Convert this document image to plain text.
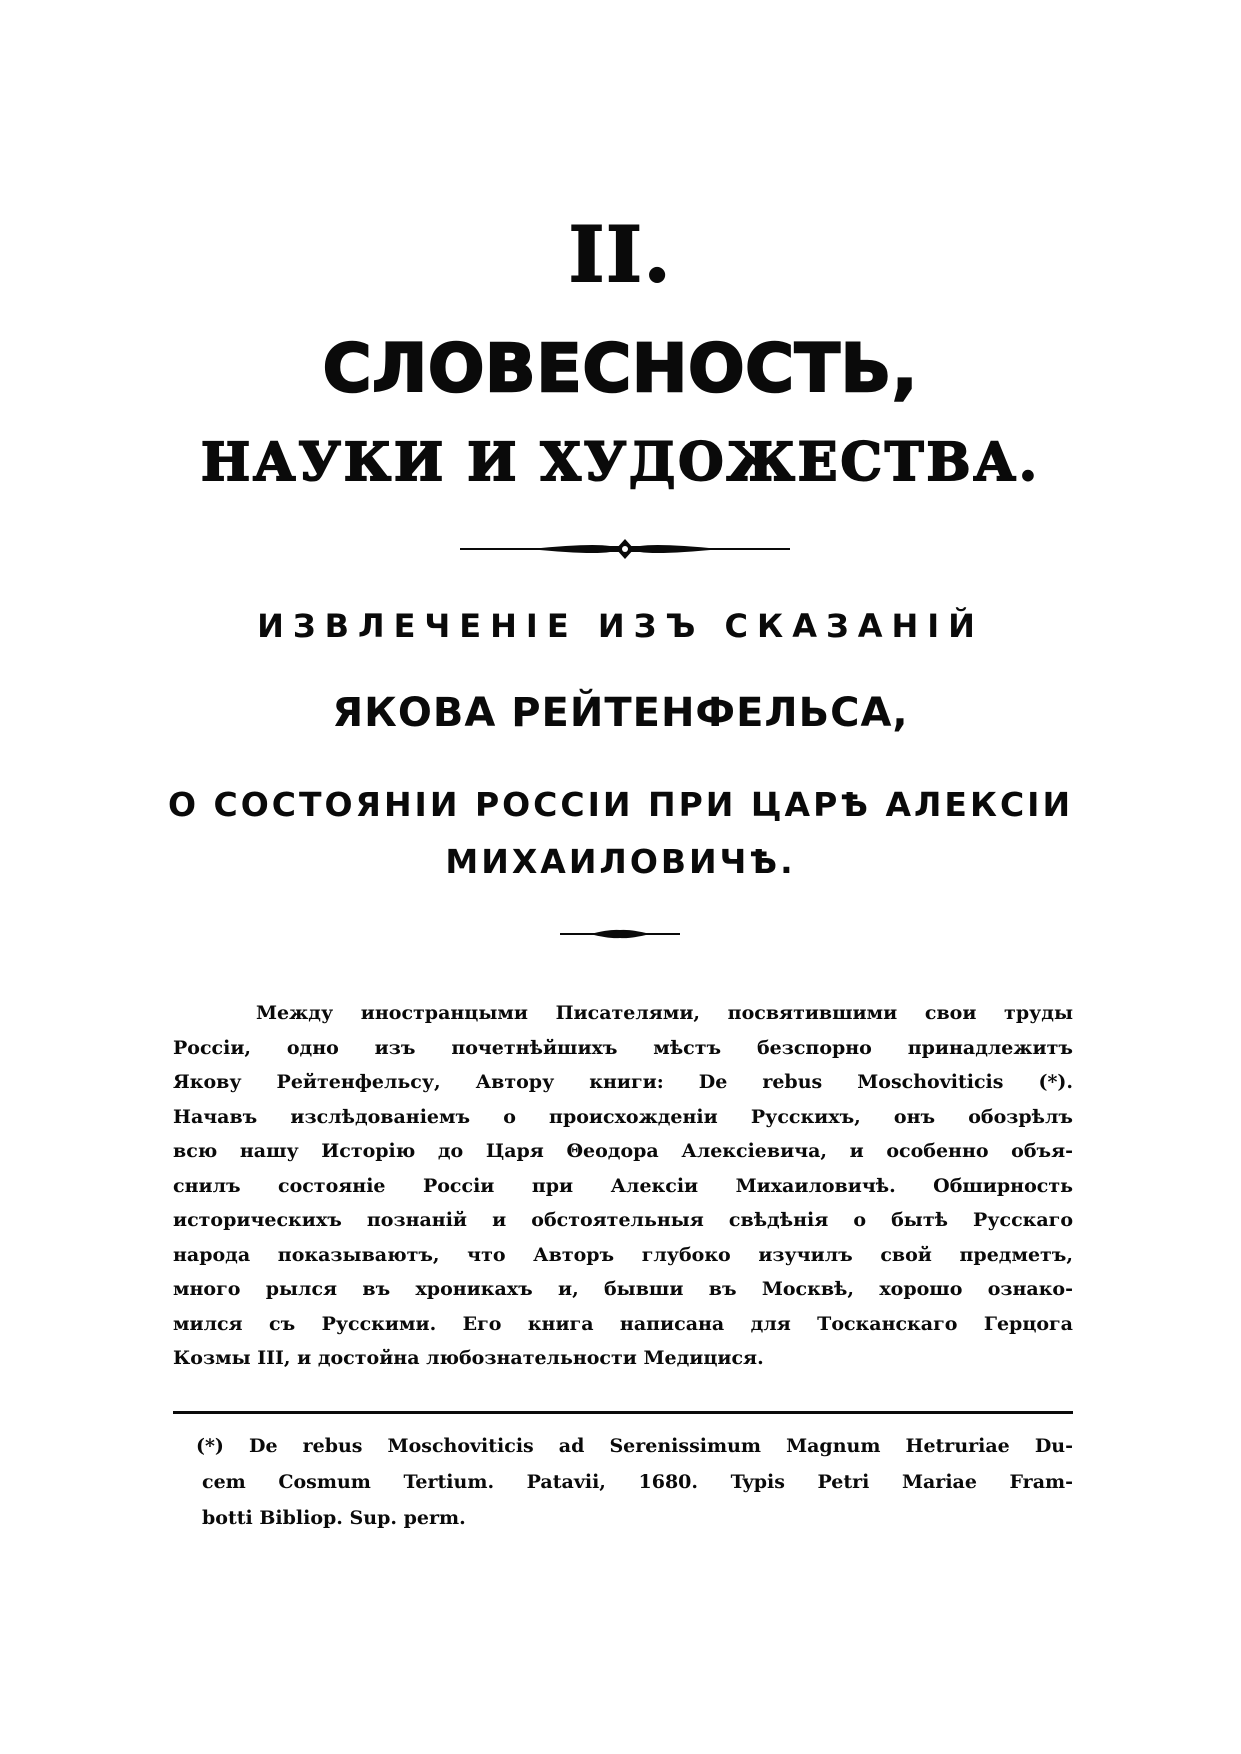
II.
СЛОВЕСНОСТЬ,
НАУКИ И ХУДОЖЕСТВА.
ИЗВЛЕЧЕНІЕ ИЗЪ СКАЗАНІЙ
ЯКОВА РЕЙТЕНФЕЛЬСА,
О СОСТОЯНІИ РОССІИ ПРИ ЦАРѢ АЛЕКСІИ
МИХАИЛОВИЧѢ.
Между иностранцыми Писателями, посвятившими свои труды
Россіи, одно изъ почетнѣйшихъ мѣстъ безспорно принадлежитъ
Якову Рейтенфельсу, Автору книги: De rebus Moschoviticis (*).
Начавъ изслѣдованіемъ о происхожденіи Русскихъ, онъ обозрѣлъ
всю нашу Исторію до Царя Θеодора Алексіевича, и особенно объя-
снилъ состояніе Россіи при Алексіи Михаиловичѣ. Обширность
историческихъ познаній и обстоятельныя свѣдѣнія о бытѣ Русскаго
народа показываютъ, что Авторъ глубоко изучилъ свой предметъ,
много рылся въ хроникахъ и, бывши въ Москвѣ, хорошо ознако-
мился съ Русскими. Его книга написана для Тосканскаго Герцога
Козмы III, и достойна любознательности Медицися.
(*) De rebus Moschoviticis ad Serenissimum Magnum Hetruriae Du-
cem Cosmum Tertium. Patavii, 1680. Typis Petri Mariae Fram-
botti Bibliop. Sup. perm.
